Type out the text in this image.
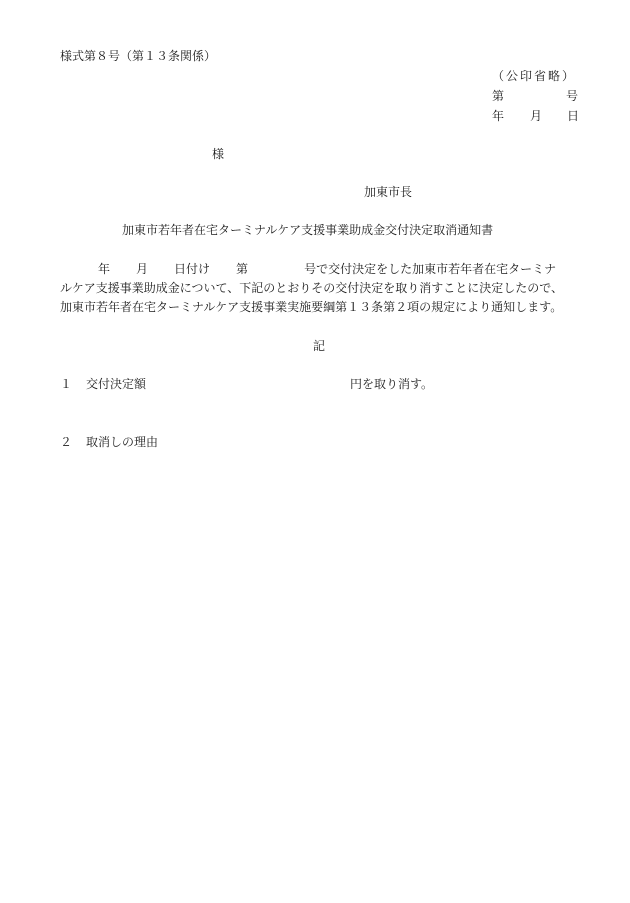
様式第８号（第１３条関係）
（公印省略）
第	号
年 月 日
様
加東市長
加東市若年者在宅ターミナルケア支援事業助成金交付決定取消通知書
年 月 日付け 第	号で交付決定をした加東市若年者在宅ターミナ
ルケア支援事業助成金について、下記のとおりその交付決定を取り消すことに決定したので、
加東市若年者在宅ターミナルケア支援事業実施要綱第１３条第２項の規定により通知します。
記
１ 交付決定額	円を取り消す。
２ 取消しの理由
